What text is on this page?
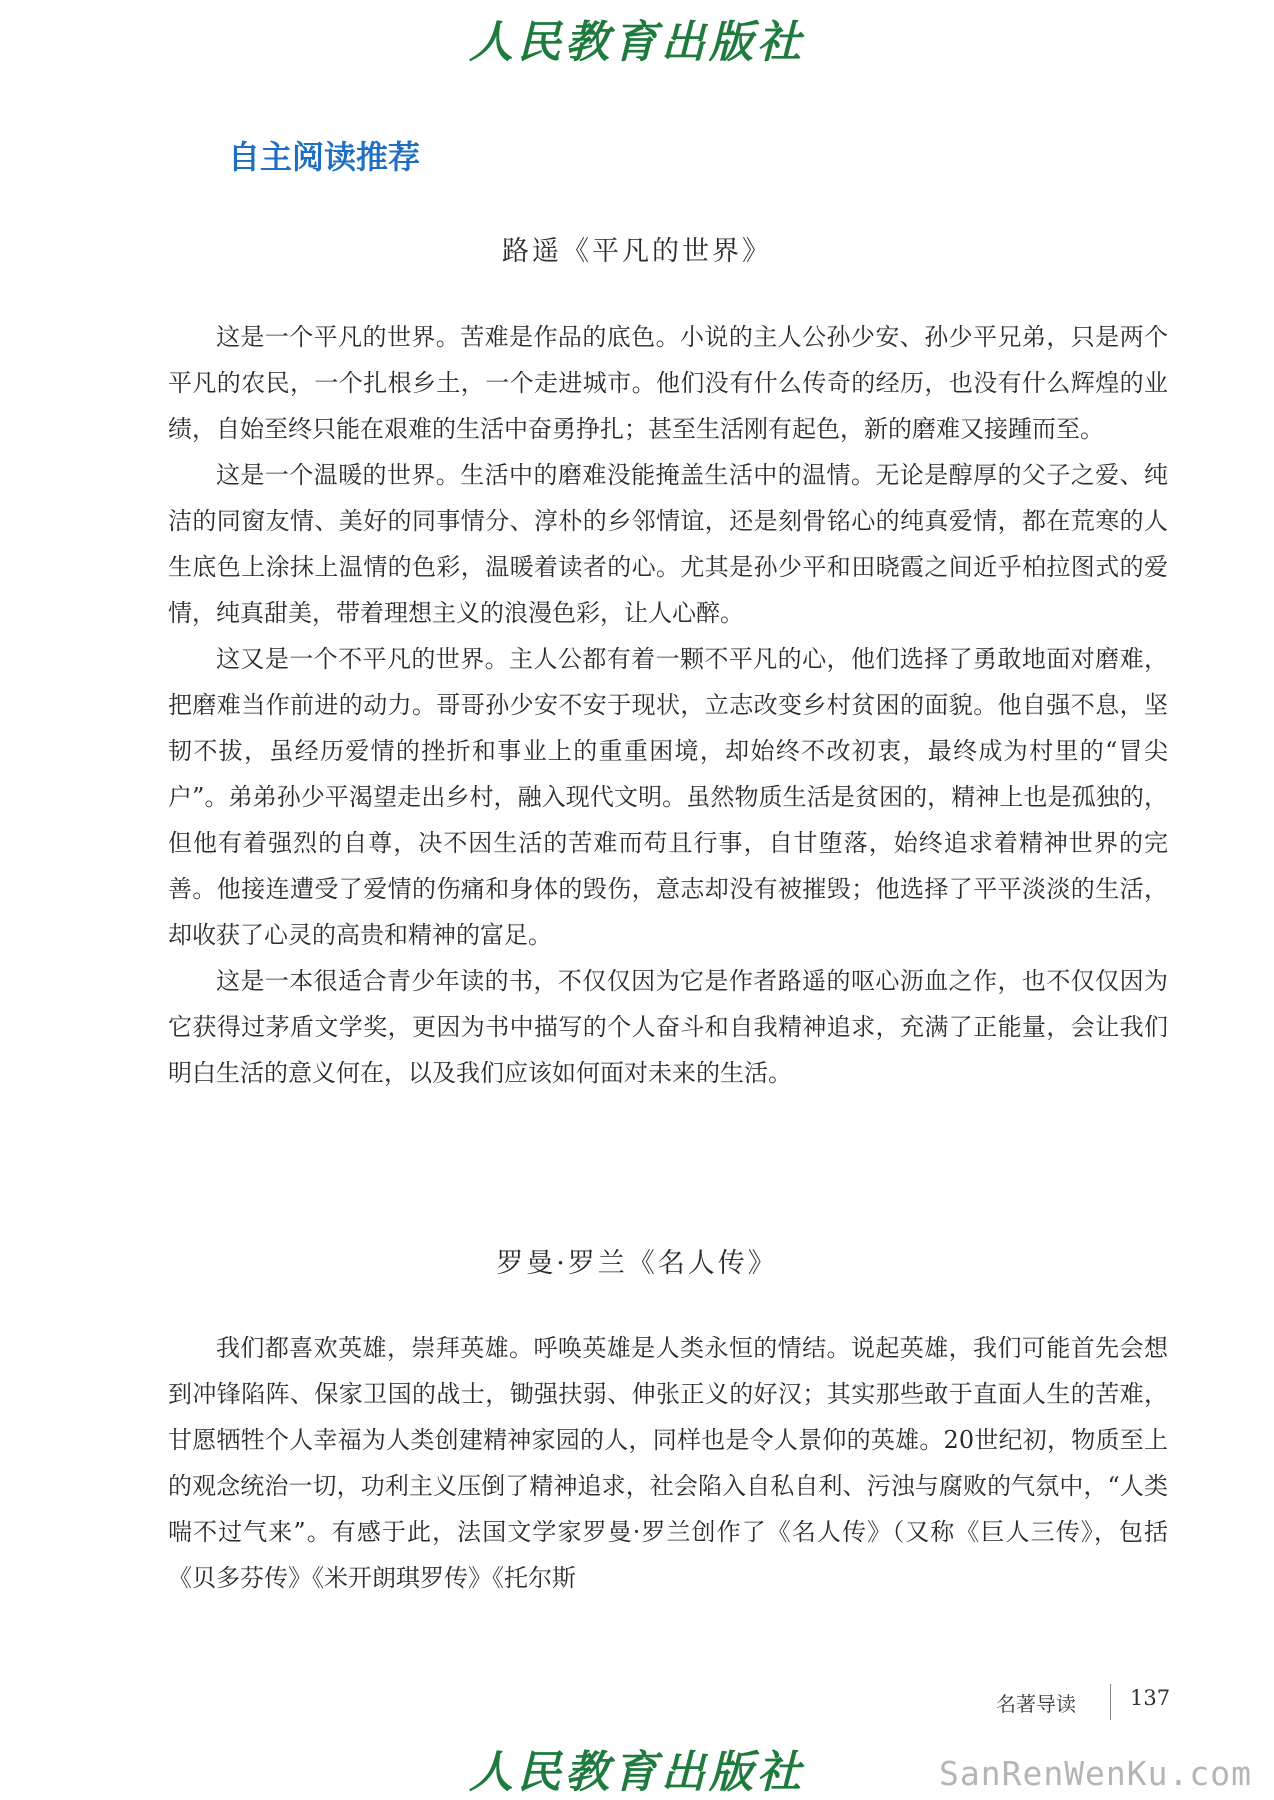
人民教育出版社
自主阅读推荐
路遥《平凡的世界》

这是一个平凡的世界。苦难是作品的底色。小说的主人公孙少安、孙少平兄弟，只是两个平凡的农民，一个扎根乡土，一个走进城市。他们没有什么传奇的经历，也没有什么辉煌的业绩，自始至终只能在艰难的生活中奋勇挣扎；甚至生活刚有起色，新的磨难又接踵而至。

这是一个温暖的世界。生活中的磨难没能掩盖生活中的温情。无论是醇厚的父子之爱、纯洁的同窗友情、美好的同事情分、淳朴的乡邻情谊，还是刻骨铭心的纯真爱情，都在荒寒的人生底色上涂抹上温情的色彩，温暖着读者的心。尤其是孙少平和田晓霞之间近乎柏拉图式的爱情，纯真甜美，带着理想主义的浪漫色彩，让人心醉。

这又是一个不平凡的世界。主人公都有着一颗不平凡的心，他们选择了勇敢地面对磨难，把磨难当作前进的动力。哥哥孙少安不安于现状，立志改变乡村贫困的面貌。他自强不息，坚韧不拔，虽经历爱情的挫折和事业上的重重困境，却始终不改初衷，最终成为村里的“冒尖户”。弟弟孙少平渴望走出乡村，融入现代文明。虽然物质生活是贫困的，精神上也是孤独的，但他有着强烈的自尊，决不因生活的苦难而苟且行事，自甘堕落，始终追求着精神世界的完善。他接连遭受了爱情的伤痛和身体的毁伤，意志却没有被摧毁；他选择了平平淡淡的生活，却收获了心灵的高贵和精神的富足。

这是一本很适合青少年读的书，不仅仅因为它是作者路遥的呕心沥血之作，也不仅仅因为它获得过茅盾文学奖，更因为书中描写的个人奋斗和自我精神追求，充满了正能量，会让我们明白生活的意义何在，以及我们应该如何面对未来的生活。

罗曼·罗兰《名人传》

我们都喜欢英雄，崇拜英雄。呼唤英雄是人类永恒的情结。说起英雄，我们可能首先会想到冲锋陷阵、保家卫国的战士，锄强扶弱、伸张正义的好汉；其实那些敢于直面人生的苦难，甘愿牺牲个人幸福为人类创建精神家园的人，同样也是令人景仰的英雄。20世纪初，物质至上的观念统治一切，功利主义压倒了精神追求，社会陷入自私自利、污浊与腐败的气氛中，“人类喘不过气来”。有感于此，法国文学家罗曼·罗兰创作了《名人传》（又称《巨人三传》，包括《贝多芬传》《米开朗琪罗传》《托尔斯

名著导读	137
人民教育出版社	SanRenWenKu.com
